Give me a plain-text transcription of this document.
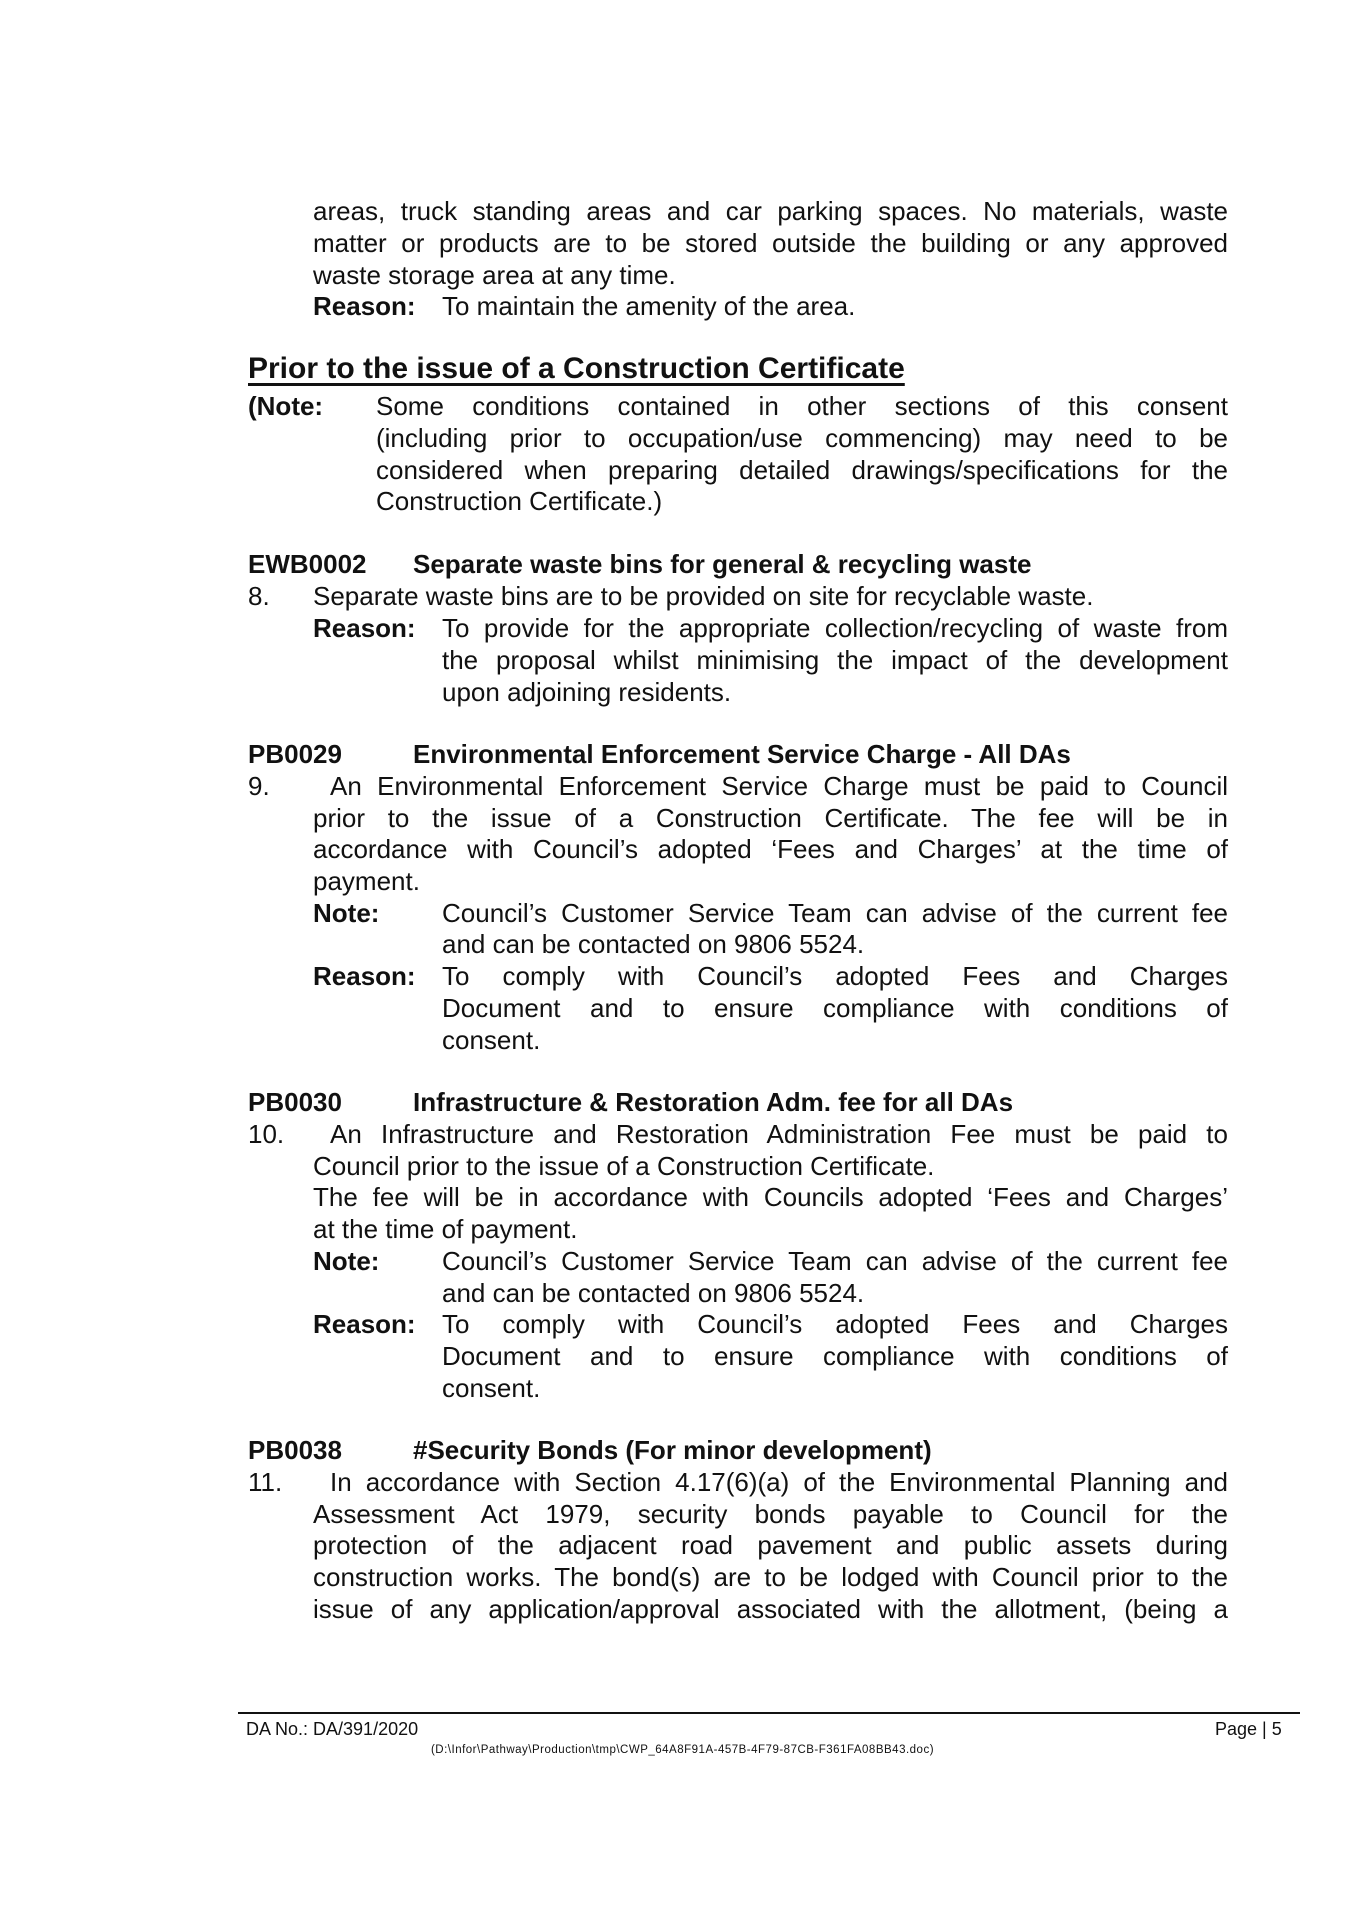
areas, truck standing areas and car parking spaces. No materials, waste
matter or products are to be stored outside the building or any approved
waste storage area at any time.
Reason: To maintain the amenity of the area.
Prior to the issue of a Construction Certificate
(Note: Some conditions contained in other sections of this consent
(including prior to occupation/use commencing) may need to be
considered when preparing detailed drawings/specifications for the
Construction Certificate.)
EWB0002 Separate waste bins for general & recycling waste
8. Separate waste bins are to be provided on site for recyclable waste.
Reason: To provide for the appropriate collection/recycling of waste from
the proposal whilst minimising the impact of the development
upon adjoining residents.
PB0029	Environmental Enforcement Service Charge - All DAs
9. An Environmental Enforcement Service Charge must be paid to Council
prior to the issue of a Construction Certificate. The fee will be in
accordance with Council’s adopted ‘Fees and Charges’ at the time of
payment.
Note: Council’s Customer Service Team can advise of the current fee
and can be contacted on 9806 5524.
Reason: To comply with Council’s adopted Fees and Charges
Document and to ensure compliance with conditions of
consent.
PB0030	Infrastructure & Restoration Adm. fee for all DAs
10. An Infrastructure and Restoration Administration Fee must be paid to
Council prior to the issue of a Construction Certificate.
The fee will be in accordance with Councils adopted ‘Fees and Charges’
at the time of payment.
Note: Council’s Customer Service Team can advise of the current fee
and can be contacted on 9806 5524.
Reason: To comply with Council’s adopted Fees and Charges
Document and to ensure compliance with conditions of
consent.
PB0038	#Security Bonds (For minor development)
11. In accordance with Section 4.17(6)(a) of the Environmental Planning and
Assessment Act 1979, security bonds payable to Council for the
protection of the adjacent road pavement and public assets during
construction works. The bond(s) are to be lodged with Council prior to the
issue of any application/approval associated with the allotment, (being a
DA No.: DA/391/2020	Page | 5
(D:\Infor\Pathway\Production\tmp\CWP_64A8F91A-457B-4F79-87CB-F361FA08BB43.doc)
